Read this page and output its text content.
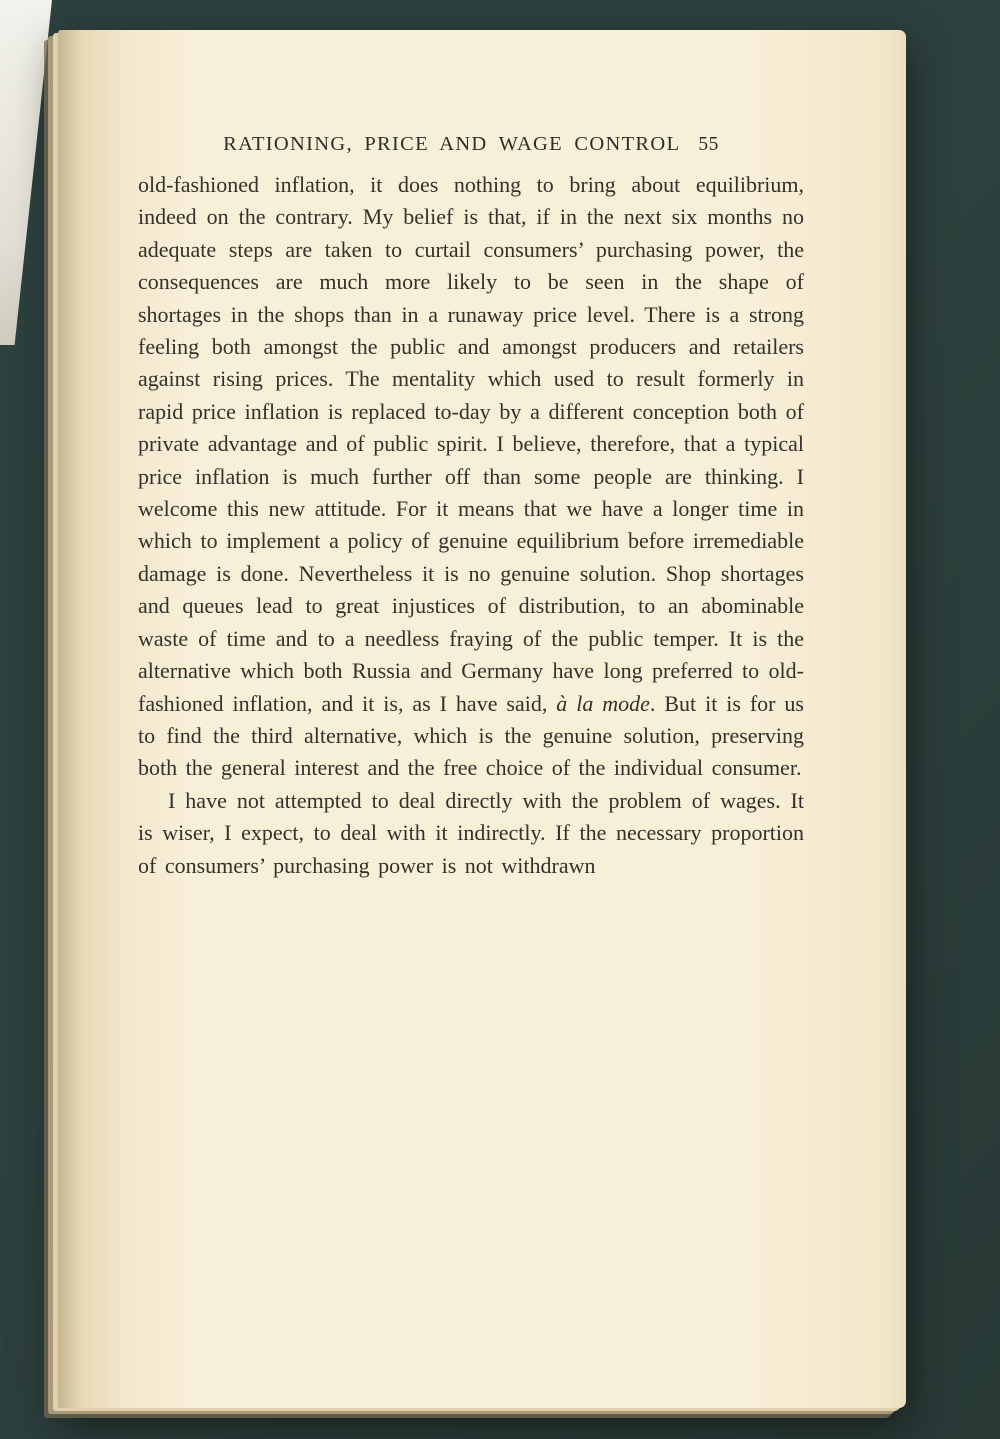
RATIONING, PRICE AND WAGE CONTROL 55

old-fashioned inflation, it does nothing to bring about equilibrium, indeed on the contrary. My belief is that, if in the next six months no adequate steps are taken to curtail consumers’ purchasing power, the consequences are much more likely to be seen in the shape of shortages in the shops than in a runaway price level. There is a strong feeling both amongst the public and amongst producers and retailers against rising prices. The mentality which used to result formerly in rapid price inflation is replaced to-day by a different conception both of private advantage and of public spirit. I believe, therefore, that a typical price inflation is much further off than some people are thinking. I welcome this new attitude. For it means that we have a longer time in which to implement a policy of genuine equilibrium before irremediable damage is done. Nevertheless it is no genuine solution. Shop shortages and queues lead to great injustices of distribution, to an abominable waste of time and to a needless fraying of the public temper. It is the alternative which both Russia and Germany have long preferred to old-fashioned inflation, and it is, as I have said, à la mode. But it is for us to find the third alternative, which is the genuine solution, preserving both the general interest and the free choice of the individual consumer.

I have not attempted to deal directly with the problem of wages. It is wiser, I expect, to deal with it indirectly. If the necessary proportion of consumers’ purchasing power is not withdrawn
